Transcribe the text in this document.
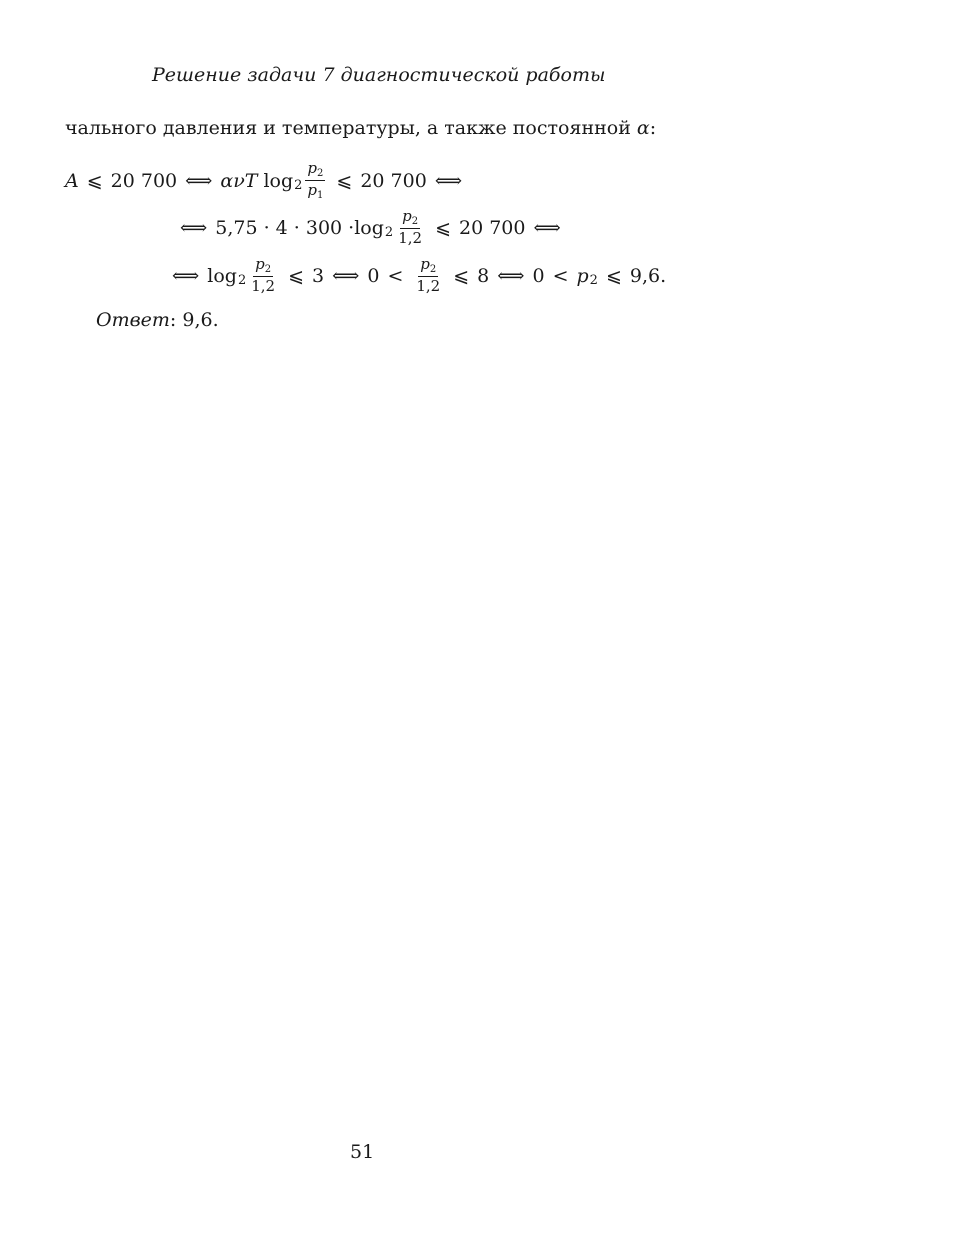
Решение задачи 7 диагностической работы
чального давления и температуры, а также постоянной α:
A ⩽ 20 700 ⟺ ανT $\log 2 \frac{p_2}{p_1}$ ⩽ 20 700 ⟺
⟺ $5,75 \cdot 4 \cdot 300 \cdot \log 2 \frac{p_2}{1,2}$ ⩽ 20 700 ⟺
⟺ $\log 2 \frac{p_2}{1,2}$ ⩽ 3 ⟺ $0 < \frac{p_2}{1,2}$ ⩽ 8 ⟺ 0 < p 2 ⩽ 9,6.
Ответ: 9,6.
51
